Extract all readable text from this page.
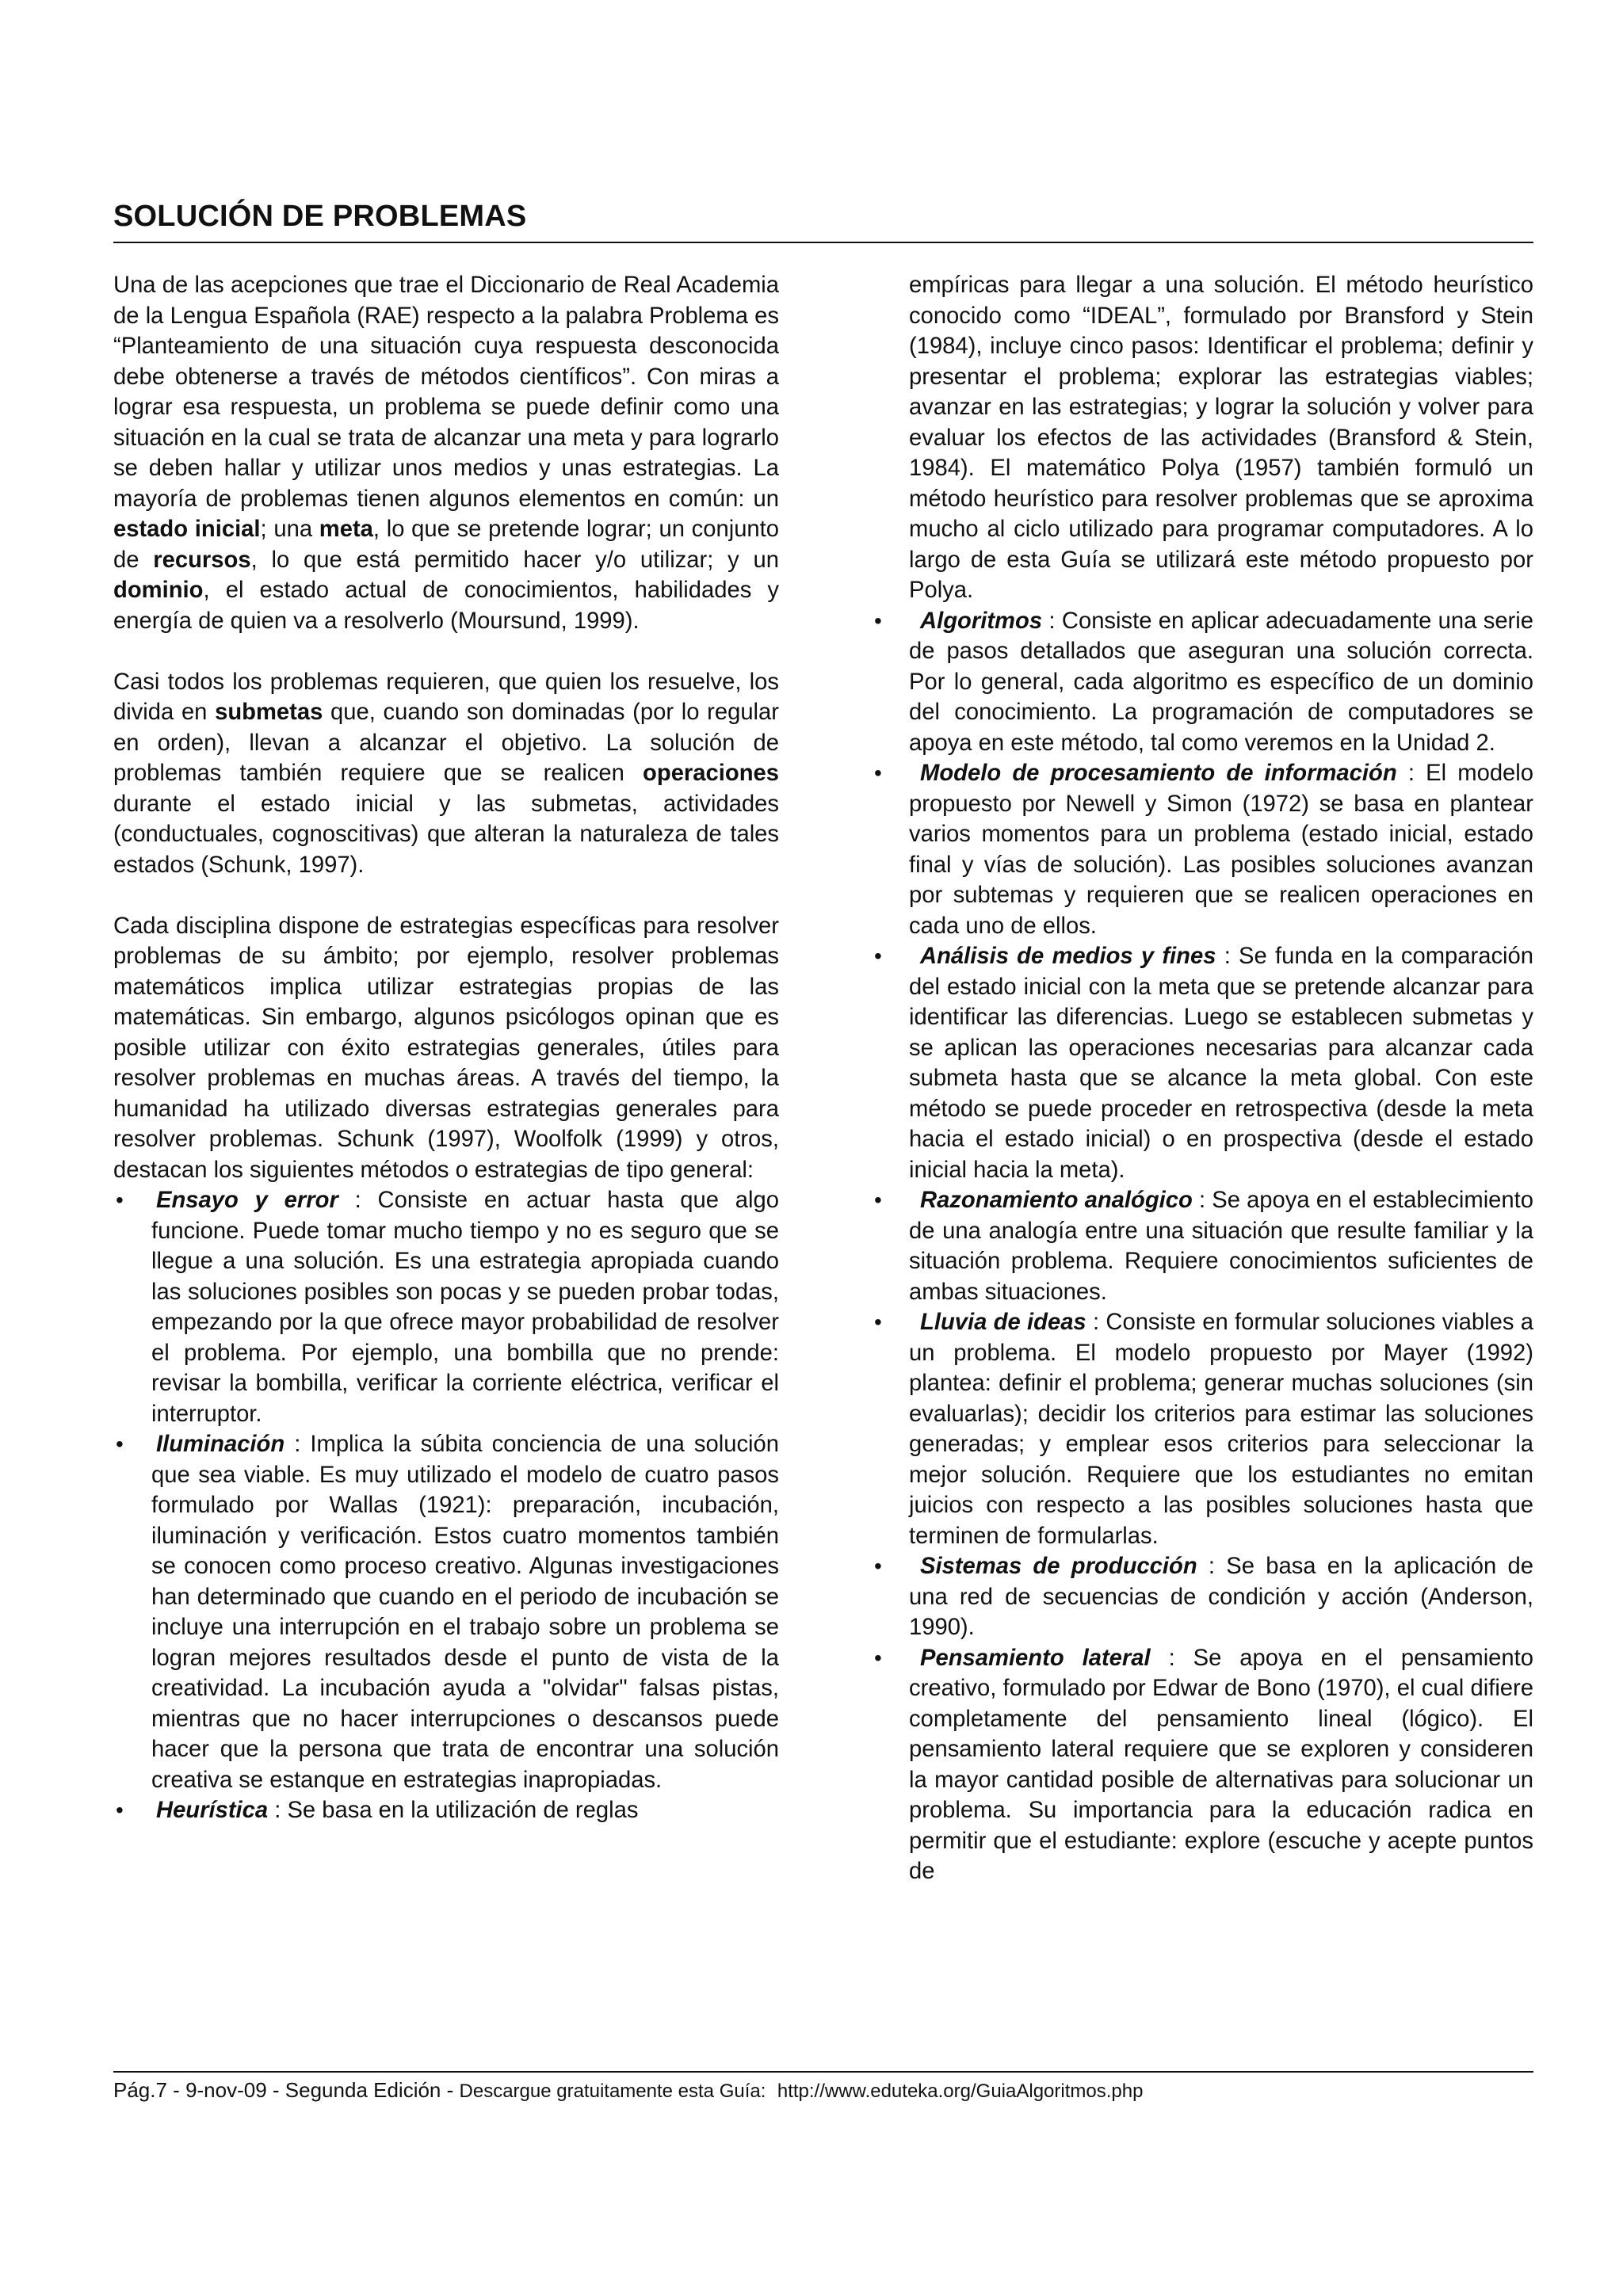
SOLUCIÓN DE PROBLEMAS

Una de las acepciones que trae el Diccionario de Real Academia de la Lengua Española (RAE) respecto a la palabra Problema es “Planteamiento de una situación cuya respuesta desconocida debe obtenerse a través de métodos científicos”. Con miras a lograr esa respuesta, un problema se puede definir como una situación en la cual se trata de alcanzar una meta y para lograrlo se deben hallar y utilizar unos medios y unas estrategias. La mayoría de problemas tienen algunos elementos en común: un estado inicial; una meta, lo que se pretende lograr; un conjunto de recursos, lo que está permitido hacer y/o utilizar; y un dominio, el estado actual de conocimientos, habilidades y energía de quien va a resolverlo (Moursund, 1999).

Casi todos los problemas requieren, que quien los resuelve, los divida en submetas que, cuando son dominadas (por lo regular en orden), llevan a alcanzar el objetivo. La solución de problemas también requiere que se realicen operaciones durante el estado inicial y las submetas, actividades (conductuales, cognoscitivas) que alteran la naturaleza de tales estados (Schunk, 1997).

Cada disciplina dispone de estrategias específicas para resolver problemas de su ámbito; por ejemplo, resolver problemas matemáticos implica utilizar estrategias propias de las matemáticas. Sin embargo, algunos psicólogos opinan que es posible utilizar con éxito estrategias generales, útiles para resolver problemas en muchas áreas. A través del tiempo, la humanidad ha utilizado diversas estrategias generales para resolver problemas. Schunk (1997), Woolfolk (1999) y otros, destacan los siguientes métodos o estrategias de tipo general:

• Ensayo y error : Consiste en actuar hasta que algo funcione. Puede tomar mucho tiempo y no es seguro que se llegue a una solución. Es una estrategia apropiada cuando las soluciones posibles son pocas y se pueden probar todas, empezando por la que ofrece mayor probabilidad de resolver el problema. Por ejemplo, una bombilla que no prende: revisar la bombilla, verificar la corriente eléctrica, verificar el interruptor.
• Iluminación : Implica la súbita conciencia de una solución que sea viable. Es muy utilizado el modelo de cuatro pasos formulado por Wallas (1921): preparación, incubación, iluminación y verificación. Estos cuatro momentos también se conocen como proceso creativo. Algunas investigaciones han determinado que cuando en el periodo de incubación se incluye una interrupción en el trabajo sobre un problema se logran mejores resultados desde el punto de vista de la creatividad. La incubación ayuda a "olvidar" falsas pistas, mientras que no hacer interrupciones o descansos puede hacer que la persona que trata de encontrar una solución creativa se estanque en estrategias inapropiadas.
• Heurística : Se basa en la utilización de reglas

empíricas para llegar a una solución. El método heurístico conocido como “IDEAL”, formulado por Bransford y Stein (1984), incluye cinco pasos: Identificar el problema; definir y presentar el problema; explorar las estrategias viables; avanzar en las estrategias; y lograr la solución y volver para evaluar los efectos de las actividades (Bransford & Stein, 1984). El matemático Polya (1957) también formuló un método heurístico para resolver problemas que se aproxima mucho al ciclo utilizado para programar computadores. A lo largo de esta Guía se utilizará este método propuesto por Polya.

• Algoritmos : Consiste en aplicar adecuadamente una serie de pasos detallados que aseguran una solución correcta. Por lo general, cada algoritmo es específico de un dominio del conocimiento. La programación de computadores se apoya en este método, tal como veremos en la Unidad 2.
• Modelo de procesamiento de información : El modelo propuesto por Newell y Simon (1972) se basa en plantear varios momentos para un problema (estado inicial, estado final y vías de solución). Las posibles soluciones avanzan por subtemas y requieren que se realicen operaciones en cada uno de ellos.
• Análisis de medios y fines : Se funda en la comparación del estado inicial con la meta que se pretende alcanzar para identificar las diferencias. Luego se establecen submetas y se aplican las operaciones necesarias para alcanzar cada submeta hasta que se alcance la meta global. Con este método se puede proceder en retrospectiva (desde la meta hacia el estado inicial) o en prospectiva (desde el estado inicial hacia la meta).
• Razonamiento analógico : Se apoya en el establecimiento de una analogía entre una situación que resulte familiar y la situación problema. Requiere conocimientos suficientes de ambas situaciones.
• Lluvia de ideas : Consiste en formular soluciones viables a un problema. El modelo propuesto por Mayer (1992) plantea: definir el problema; generar muchas soluciones (sin evaluarlas); decidir los criterios para estimar las soluciones generadas; y emplear esos criterios para seleccionar la mejor solución. Requiere que los estudiantes no emitan juicios con respecto a las posibles soluciones hasta que terminen de formularlas.
• Sistemas de producción : Se basa en la aplicación de una red de secuencias de condición y acción (Anderson, 1990).
• Pensamiento lateral : Se apoya en el pensamiento creativo, formulado por Edwar de Bono (1970), el cual difiere completamente del pensamiento lineal (lógico). El pensamiento lateral requiere que se exploren y consideren la mayor cantidad posible de alternativas para solucionar un problema. Su importancia para la educación radica en permitir que el estudiante: explore (escuche y acepte puntos de
Pág.7 - 9-nov-09 - Segunda Edición - Descargue gratuitamente esta Guía: http://www.eduteka.org/GuiaAlgoritmos.php
